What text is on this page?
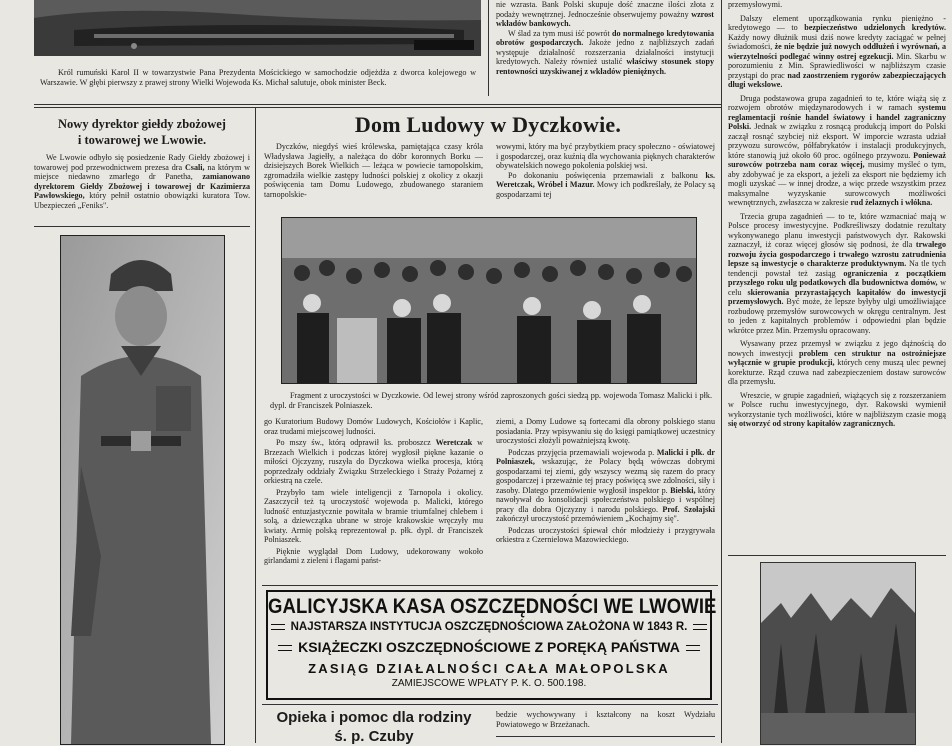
Król rumuński Karol II w towarzystwie Pana Prezydenta Mościckiego w samochodzie odjeżdża z dworca kolejowego w Warszawie. W głębi pierwszy z prawej strony Wielki Wojewoda Ks. Michał salutuje, obok minister Beck.

nie wzrasta. Bank Polski skupuje dość znaczne ilości złota z podaży wewnętrznej. Jednocześnie obserwujemy poważny wzrost wkładów bankowych.

W ślad za tym musi iść powrót do normalnego kredytowania obrotów gospodarczych. Jakoże jedno z najbliższych zadań występuje działalność rozszerzania działalności instytucji kredytowych. Należy również ustalić właściwy stosunek stopy rentowności uzyskiwanej z wkładów pieniężnych.

przemysłowymi.

Dalszy element uporządkowania rynku pieniężno - kredytowego — to bezpieczeństwo udzielonych kredytów. Każdy nowy dłużnik musi dziś nowe kredyty zaciągać w pełnej świadomości, że nie będzie już nowych oddłużeń i wyrównań, a wierzytelności podlegać winny ostrej egzekucji. Min. Skarbu w porozumieniu z Min. Sprawiedliwości w najbliższym czasie przystąpi do prac nad zaostrzeniem rygorów zabezpieczających długi wekslowe.

Druga podstawowa grupa zagadnień to te, które wiążą się z rozwojem obrotów międzynarodowych i w ramach systemu reglamentacji rośnie handel światowy i handel zagraniczny Polski. Jednak w związku z rosnącą produkcją import do Polski zaczął rosnąć szybciej niż eksport. W imporcie wzrasta udział przywozu surowców, półfabrykatów i instalacji produkcyjnych, które stanowią już około 60 proc. ogólnego przywozu. Ponieważ surowców potrzeba nam coraz więcej, musimy myśleć o tym, aby zdobywać je za eksport, a jeżeli za eksport nie będziemy ich mogli uzyskać — w innej drodze, a więc przede wszystkim przez maksymalne wyzyskanie surowcowych możliwości wewnętrznych, zwłaszcza w zakresie rud żelaznych i włókna.

Trzecia grupa zagadnień — to te, które wzmacniać mają w Polsce procesy inwestycyjne. Podkreśliwszy dodatnie rezultaty wykonywanego planu inwestycji państwowych dyr. Rakowski zaznaczył, iż coraz więcej głosów się podnosi, że dla trwałego rozwoju życia gospodarczego i trwałego wzrostu zatrudnienia lepsze są inwestycje o charakterze produktywnym. Na tle tych tendencji powstał też zasiąg ograniczenia z początkiem przyszłego roku ulg podatkowych dla budownictwa domów, w celu skierowania przyrastających kapitałów do inwestycji przemysłowych. Być może, że lepsze byłyby ulgi umożliwiające rozbudowę przemysłów surowcowych w okręgu centralnym. Jest to jeden z kapitalnych problemów i odpowiedni plan będzie wkrótce przez Min. Przemysłu opracowany.

Wysawany przez przemysł w związku z jego dążnością do nowych inwestycji problem cen struktur na ostrożniejsze wyłącznie w grupie produkcji, których ceny muszą ulec pewnej korekturze. Rząd czuwa nad zabezpieczeniem dostaw surowców dla przemysłu.

Wreszcie, w grupie zagadnień, wiążących się z rozszerzaniem w Polsce ruchu inwestycyjnego, dyr. Rakowski wymienił wykorzystanie tych możliwości, które w najbliższym czasie mogą się otworzyć od strony kapitałów zagranicznych.

Nowy dyrektor giełdy zbożowej
i towarowej we Lwowie.

We Lwowie odbyło się posiedzenie Rady Giełdy zbożowej i towarowej pod przewodnictwem prezesa dra Csali, na którym w miejsce niedawno zmarłego dr Panetha, zamianowano dyrektorem Giełdy Zbożowej i towarowej dr Kazimierza Pawłowskiego, który pełnił ostatnio obowiązki kuratora Tow. Ubezpieczeń „Feniks".

Dom Ludowy w Dyczkowie.
Dyczków, niegdyś wieś królewska, pamiętająca czasy króla Władysława Jagiełły, a należąca do dóbr koronnych Borku — dzisiejszych Borek Wielkich — leżąca w powiecie tarnopolskim, zgromadziła wielkie zastępy ludności polskiej z okolicy z okazji poświęcenia tam Domu Ludowego, zbudowanego staraniem tarnopolskie-

wowymi, który ma być przybytkiem pracy społeczno - oświatowej i gospodarczej, oraz kuźnią dla wychowania pięknych charakterów obywatelskich nowego pokolenia polskiej wsi.

Po dokonaniu poświęcenia przemawiali z balkonu ks. Weretczak, Wróbel i Mazur. Mowy ich podkreślały, że Polacy są gospodarzami tej

Fragment z uroczystości w Dyczkowie. Od lewej strony wśród zaproszonych gości siedzą pp. wojewoda Tomasz Malicki i płk. dypl. dr Franciszek Polniaszek.

go Kuratorium Budowy Domów Ludowych, Kościołów i Kaplic, oraz trudami miejscowej ludności.

Po mszy św., którą odprawił ks. proboszcz Weretczak w Brzezach Wielkich i podczas której wygłosił piękne kazanie o miłości Ojczyzny, ruszyła do Dyczkowa wielka procesja, którą poprzedzały oddziały Związku Strzeleckiego i Straży Pożarnej z orkiestrą na czele.

Przybyło tam wiele inteligencji z Tarnopola i okolicy. Zaszczycił też tą uroczystość wojewoda p. Malicki, którego ludność entuzjastycznie powitała w bramie triumfalnej chlebem i solą, a dziewczątka ubrane w stroje krakowskie wręczyły mu kwiaty. Armię polską reprezentował p. płk. dypl. dr Franciszek Polniaszek.

Pięknie wyglądał Dom Ludowy, udekorowany wokoło girlandami z zieleni i flagami państ-

ziemi, a Domy Ludowe są fortecami dla obrony polskiego stanu posiadania. Przy wpisywaniu się do księgi pamiątkowej uczestnicy uroczystości złożyli poważniejszą kwotę.

Podczas przyjęcia przemawiali wojewoda p. Malicki i płk. dr Polniaszek, wskazując, że Polacy będą wówczas dobrymi gospodarzami tej ziemi, gdy wszyscy wezmą się razem do pracy gospodarczej i przeważnie tej pracy poświęcą swe zdolności, siły i zasoby. Dlatego przemówienie wygłosił inspektor p. Biełski, który nawoływał do konsolidacji społeczeństwa polskiego i wspólnej pracy dla dobra Ojczyzny i narodu polskiego. Prof. Szołajski zakończył uroczystość przemówieniem „Kochajmy się".

Podczas uroczystości śpiewał chór młodzieży i przygrywała orkiestra z Czernielowa Mazowieckiego.

GALICYJSKA KASA OSZCZĘDNOŚCI WE LWOWIE
NAJSTARSZA INSTYTUCJA OSZCZĘDNOŚCIOWA ZAŁOŻONA W 1843 R.
KSIĄŻECZKI OSZCZĘDNOŚCIOWE Z PORĘKĄ PAŃSTWA
ZASIĄG DZIAŁALNOŚCI CAŁA MAŁOPOLSKA
ZAMIEJSCOWE WPŁATY P. K. O. 500.198.
Opieka i pomoc dla rodziny
ś. p. Czuby
bedzie wychowywany i kształcony na koszt Wydziału Powiatowego w Brzeżanach.
